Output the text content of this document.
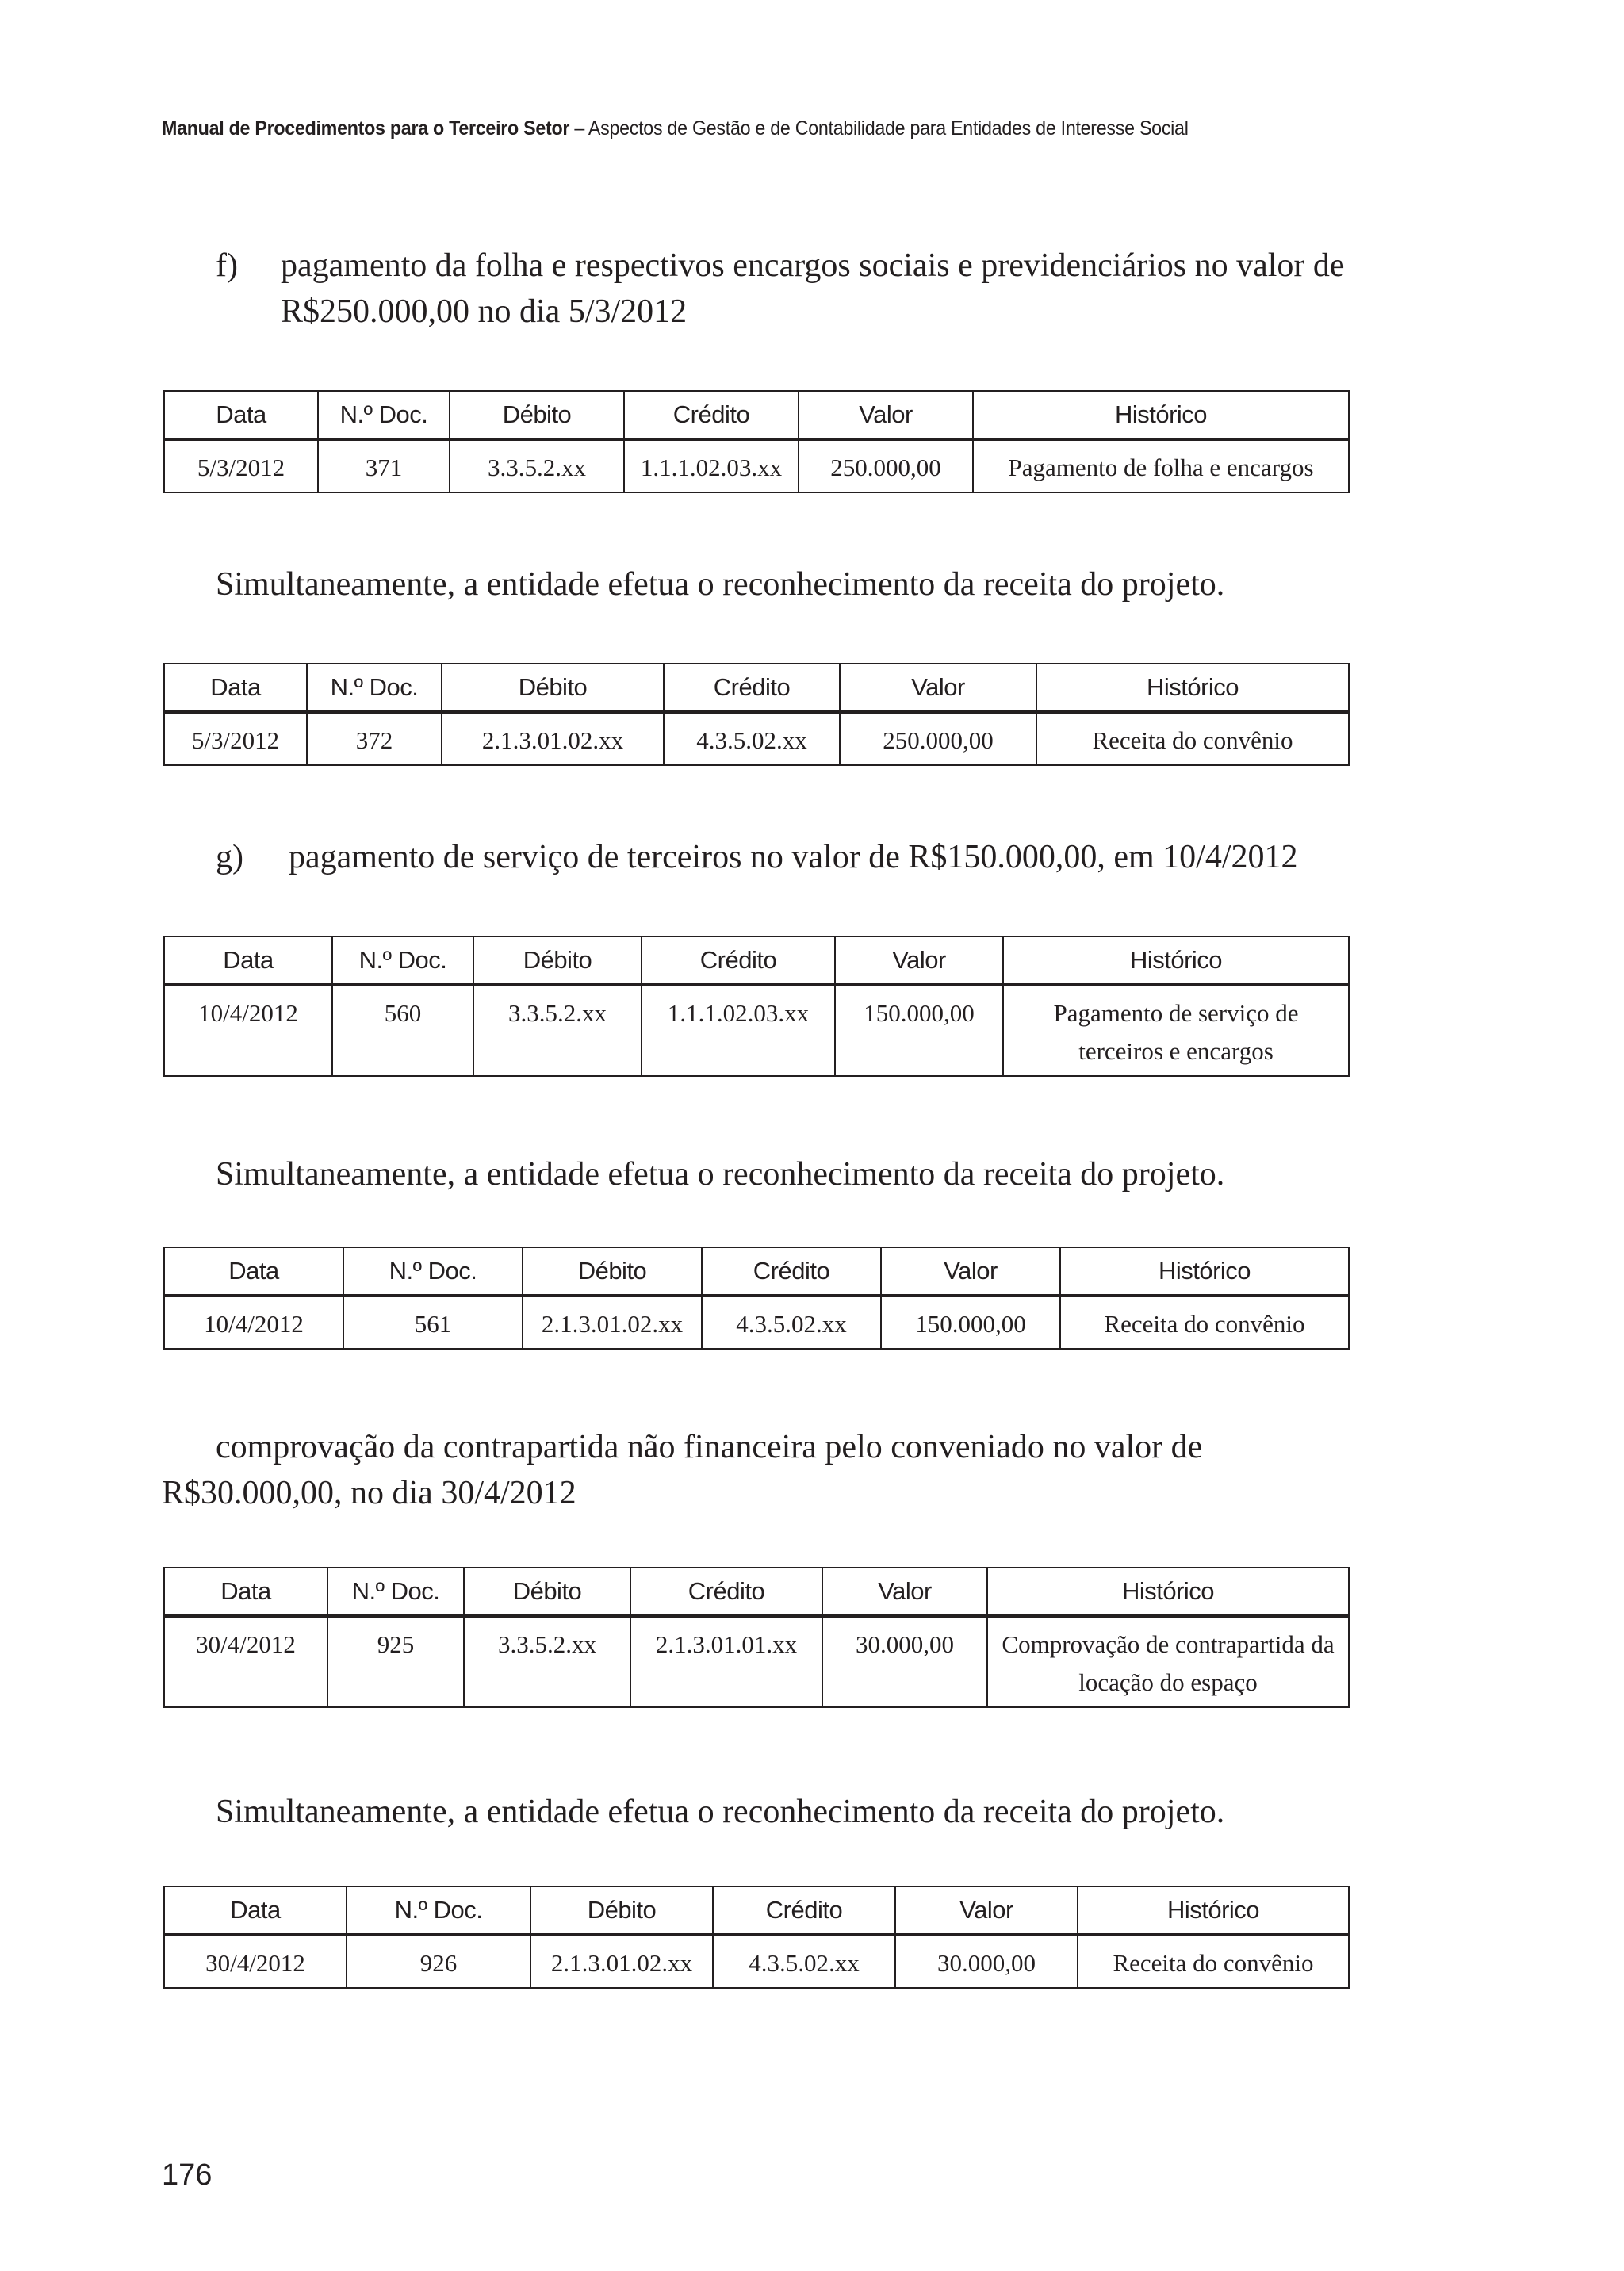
Manual de Procedimentos para o Terceiro Setor – Aspectos de Gestão e de Contabilidade para Entidades de Interesse Social
f) pagamento da folha e respectivos encargos sociais e previdenciários no valor de R$250.000,00 no dia 5/3/2012
Data	N.º Doc.	Débito	Crédito	Valor	Histórico
5/3/2012	371	3.3.5.2.xx	1.1.1.02.03.xx	250.000,00	Pagamento de folha e encargos
Simultaneamente, a entidade efetua o reconhecimento da receita do projeto.
Data	N.º Doc.	Débito	Crédito	Valor	Histórico
5/3/2012	372	2.1.3.01.02.xx	4.3.5.02.xx	250.000,00	Receita do convênio
g) pagamento de serviço de terceiros no valor de R$150.000,00, em 10/4/2012
Data	N.º Doc.	Débito	Crédito	Valor	Histórico
10/4/2012	560	3.3.5.2.xx	1.1.1.02.03.xx	150.000,00	Pagamento de serviço de terceiros e encargos
Simultaneamente, a entidade efetua o reconhecimento da receita do projeto.
Data	N.º Doc.	Débito	Crédito	Valor	Histórico
10/4/2012	561	2.1.3.01.02.xx	4.3.5.02.xx	150.000,00	Receita do convênio
comprovação da contrapartida não financeira pelo conveniado no valor de R$30.000,00, no dia 30/4/2012
Data	N.º Doc.	Débito	Crédito	Valor	Histórico
30/4/2012	925	3.3.5.2.xx	2.1.3.01.01.xx	30.000,00	Comprovação de contrapartida da locação do espaço
Simultaneamente, a entidade efetua o reconhecimento da receita do projeto.
Data	N.º Doc.	Débito	Crédito	Valor	Histórico
30/4/2012	926	2.1.3.01.02.xx	4.3.5.02.xx	30.000,00	Receita do convênio
176
